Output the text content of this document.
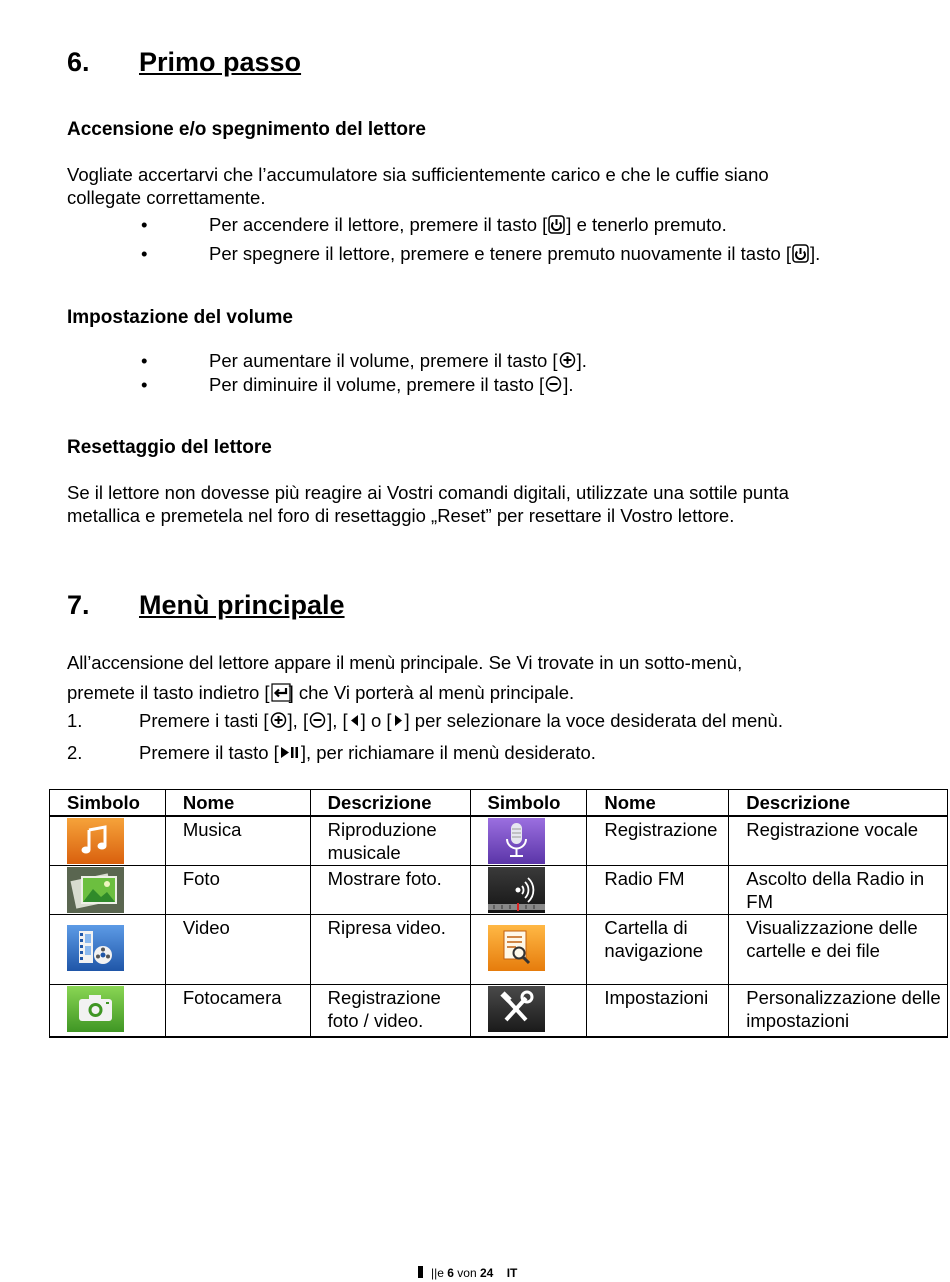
6. Primo passo
Accensione e/o spegnimento del lettore
Vogliate accertarvi che l’accumulatore sia sufficientemente carico e che le cuffie siano
collegate correttamente.
•	Per accendere il lettore, premere il tasto [ ] e tenerlo premuto.
•	Per spegnere il lettore, premere e tenere premuto nuovamente il tasto [ ].
Impostazione del volume
•	Per aumentare il volume, premere il tasto [ ].
•	Per diminuire il volume, premere il tasto [ ].
Resettaggio del lettore
Se il lettore non dovesse più reagire ai Vostri comandi digitali, utilizzate una sottile punta
metallica e premetela nel foro di resettaggio „Reset” per resettare il Vostro lettore.
7. Menù principale
All’accensione del lettore appare il menù principale. Se Vi trovate in un sotto-menù,
premete il tasto indietro [ ] che Vi porterà al menù principale.
1.	Premere i tasti [ ], [ ], [ ] o [ ] per selezionare la voce desiderata del menù.
2.	Premere il tasto [ ], per richiamare il menù desiderato.
Simbolo	Nome	Descrizione	Simbolo	Nome	Descrizione

	Musica	Riproduzione musicale		Registrazione	Registrazione vocale

	Foto	Mostrare foto.		Radio FM	Ascolto della Radio in FM

	Video	Ripresa video.		Cartella di navigazione	Visualizzazione delle cartelle e dei file

	Fotocamera	Registrazione foto / video.		Impostazioni	Personalizzazione delle impostazioni
||e 6 von 24 IT
